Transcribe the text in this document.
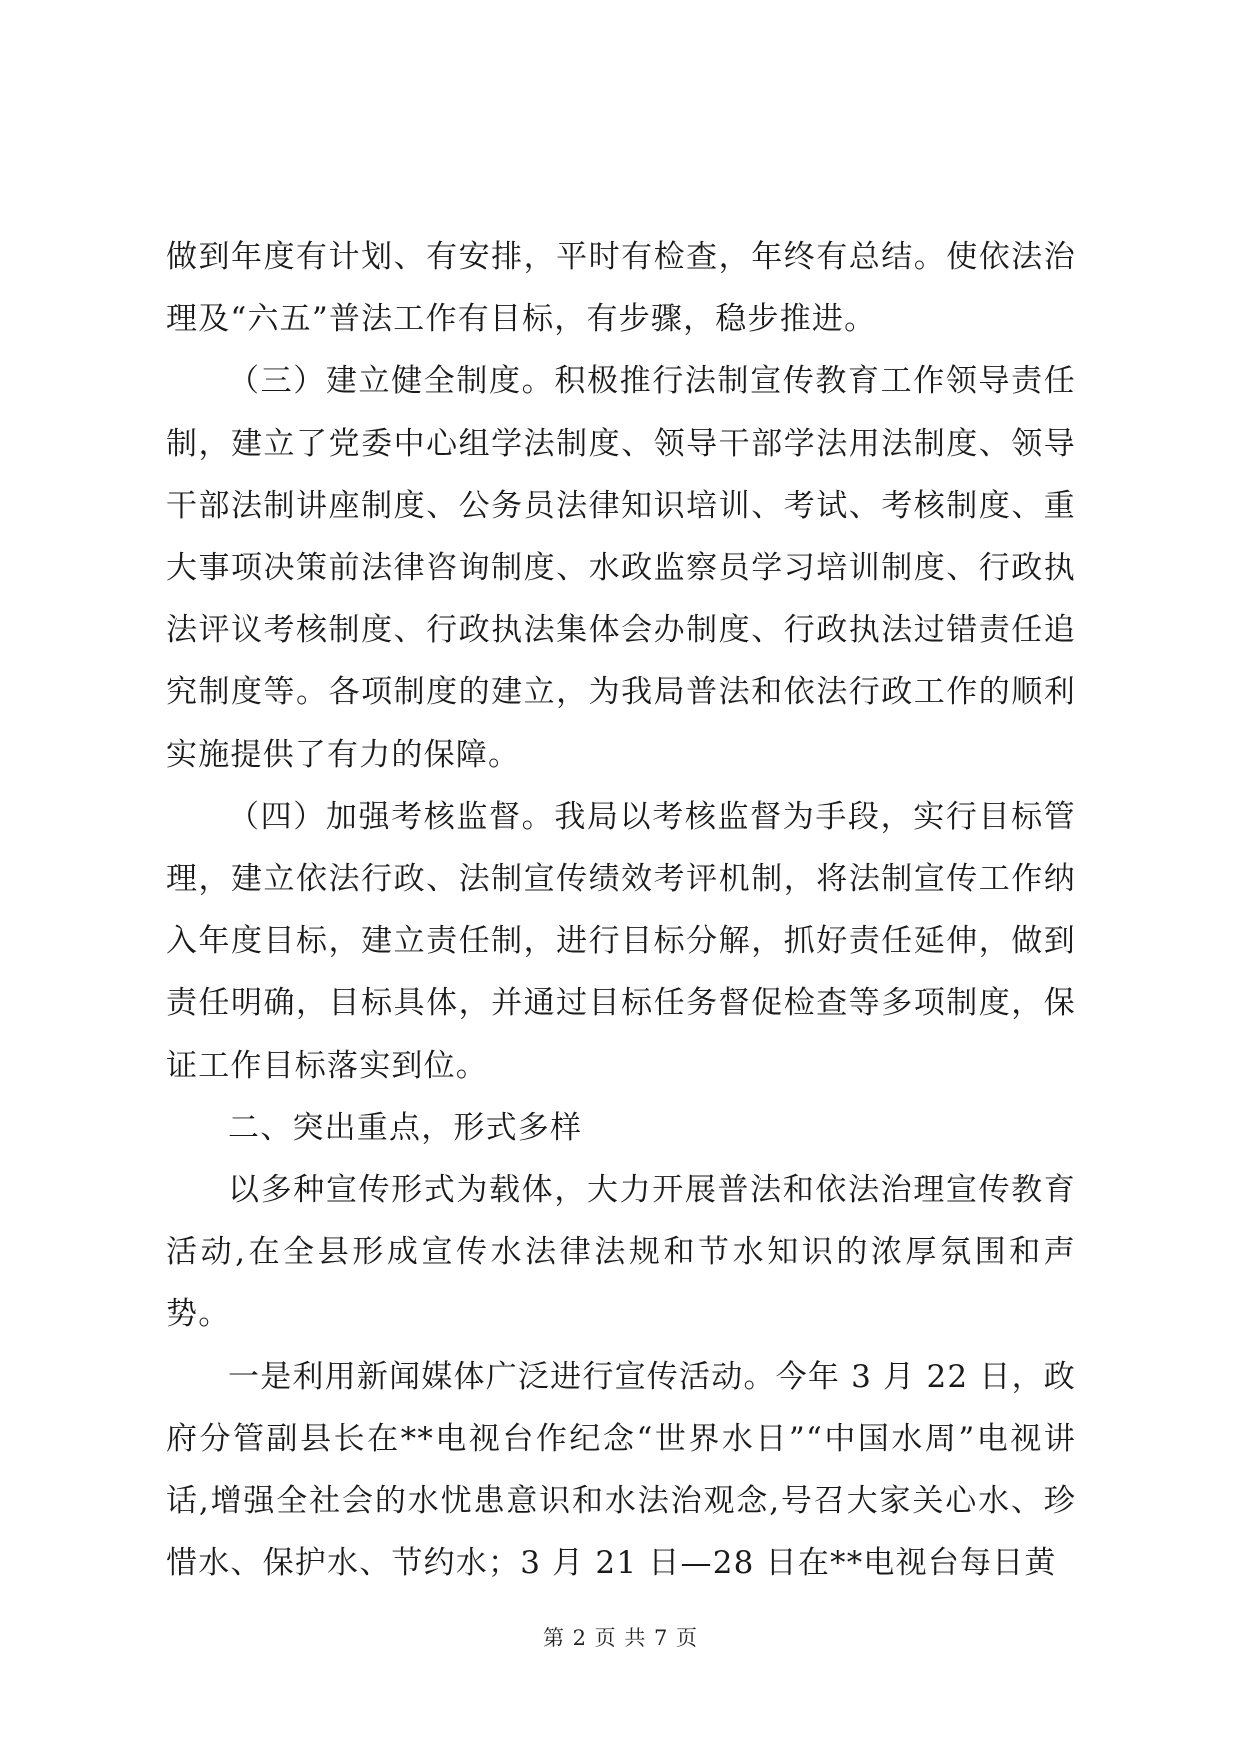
做到年度有计划、有安排，平时有检查，年终有总结。使依法治理及“六五”普法工作有目标，有步骤，稳步推进。

（三）建立健全制度。积极推行法制宣传教育工作领导责任制，建立了党委中心组学法制度、领导干部学法用法制度、领导干部法制讲座制度、公务员法律知识培训、考试、考核制度、重大事项决策前法律咨询制度、水政监察员学习培训制度、行政执法评议考核制度、行政执法集体会办制度、行政执法过错责任追究制度等。各项制度的建立，为我局普法和依法行政工作的顺利实施提供了有力的保障。

（四）加强考核监督。我局以考核监督为手段，实行目标管理，建立依法行政、法制宣传绩效考评机制，将法制宣传工作纳入年度目标，建立责任制，进行目标分解，抓好责任延伸，做到责任明确，目标具体，并通过目标任务督促检查等多项制度，保证工作目标落实到位。

二、突出重点，形式多样

以多种宣传形式为载体，大力开展普法和依法治理宣传教育活动,在全县形成宣传水法律法规和节水知识的浓厚氛围和声势。

一是利用新闻媒体广泛进行宣传活动。今年 3 月 22 日，政府分管副县长在**电视台作纪念“世界水日”“中国水周”电视讲话,增强全社会的水忧患意识和水法治观念,号召大家关心水、珍惜水、保护水、节约水；3 月 21 日—28 日在**电视台每日黄

第 2 页 共 7 页
